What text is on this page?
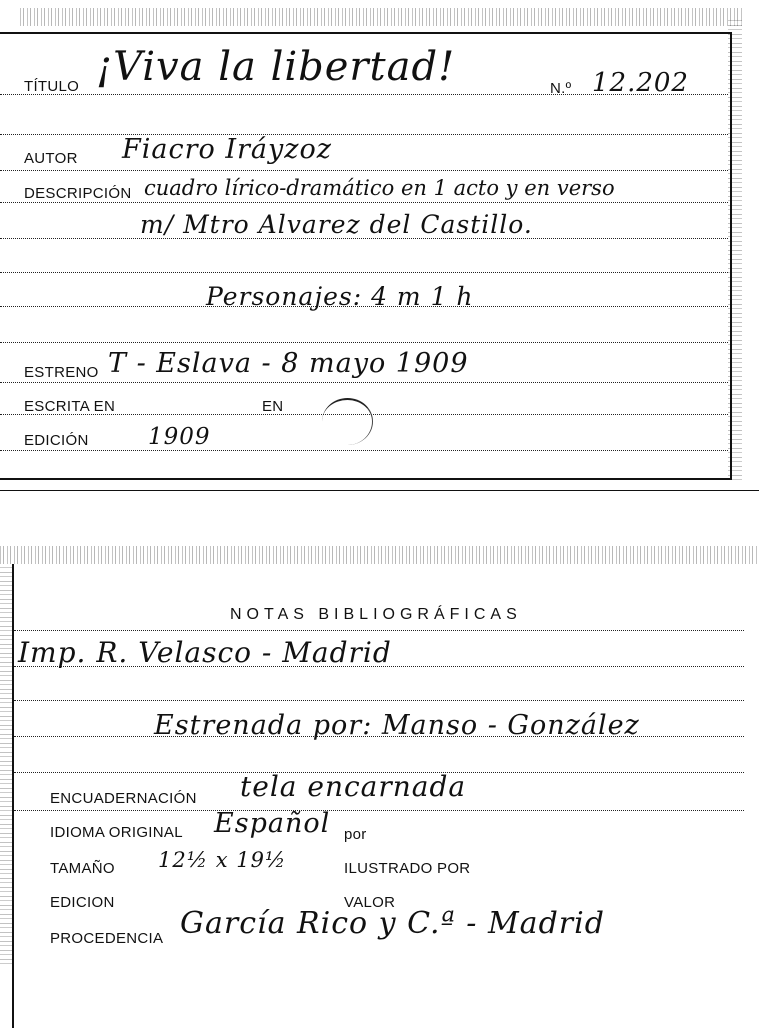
TÍTULO ¡Viva la libertad!	N.º 12.202
AUTOR Fiacro Iráyzoz
DESCRIPCIÓN cuadro lírico-dramático en 1 acto y en verso
m/ Mtro Alvarez del Castillo.
Personajes: 4 m 1 h
ESTRENO T - Eslava - 8 mayo 1909
ESCRITA EN	EN
EDICIÓN	1909
NOTAS BIBLIOGRÁFICAS
Imp. R. Velasco - Madrid
Estrenada por: Manso - González
ENCUADERNACIÓN tela encarnada
IDIOMA ORIGINAL Español por
TAMAÑO 12½ x 19½	ILUSTRADO POR
EDICION	VALOR
PROCEDENCIA García Rico y C.ª - Madrid
